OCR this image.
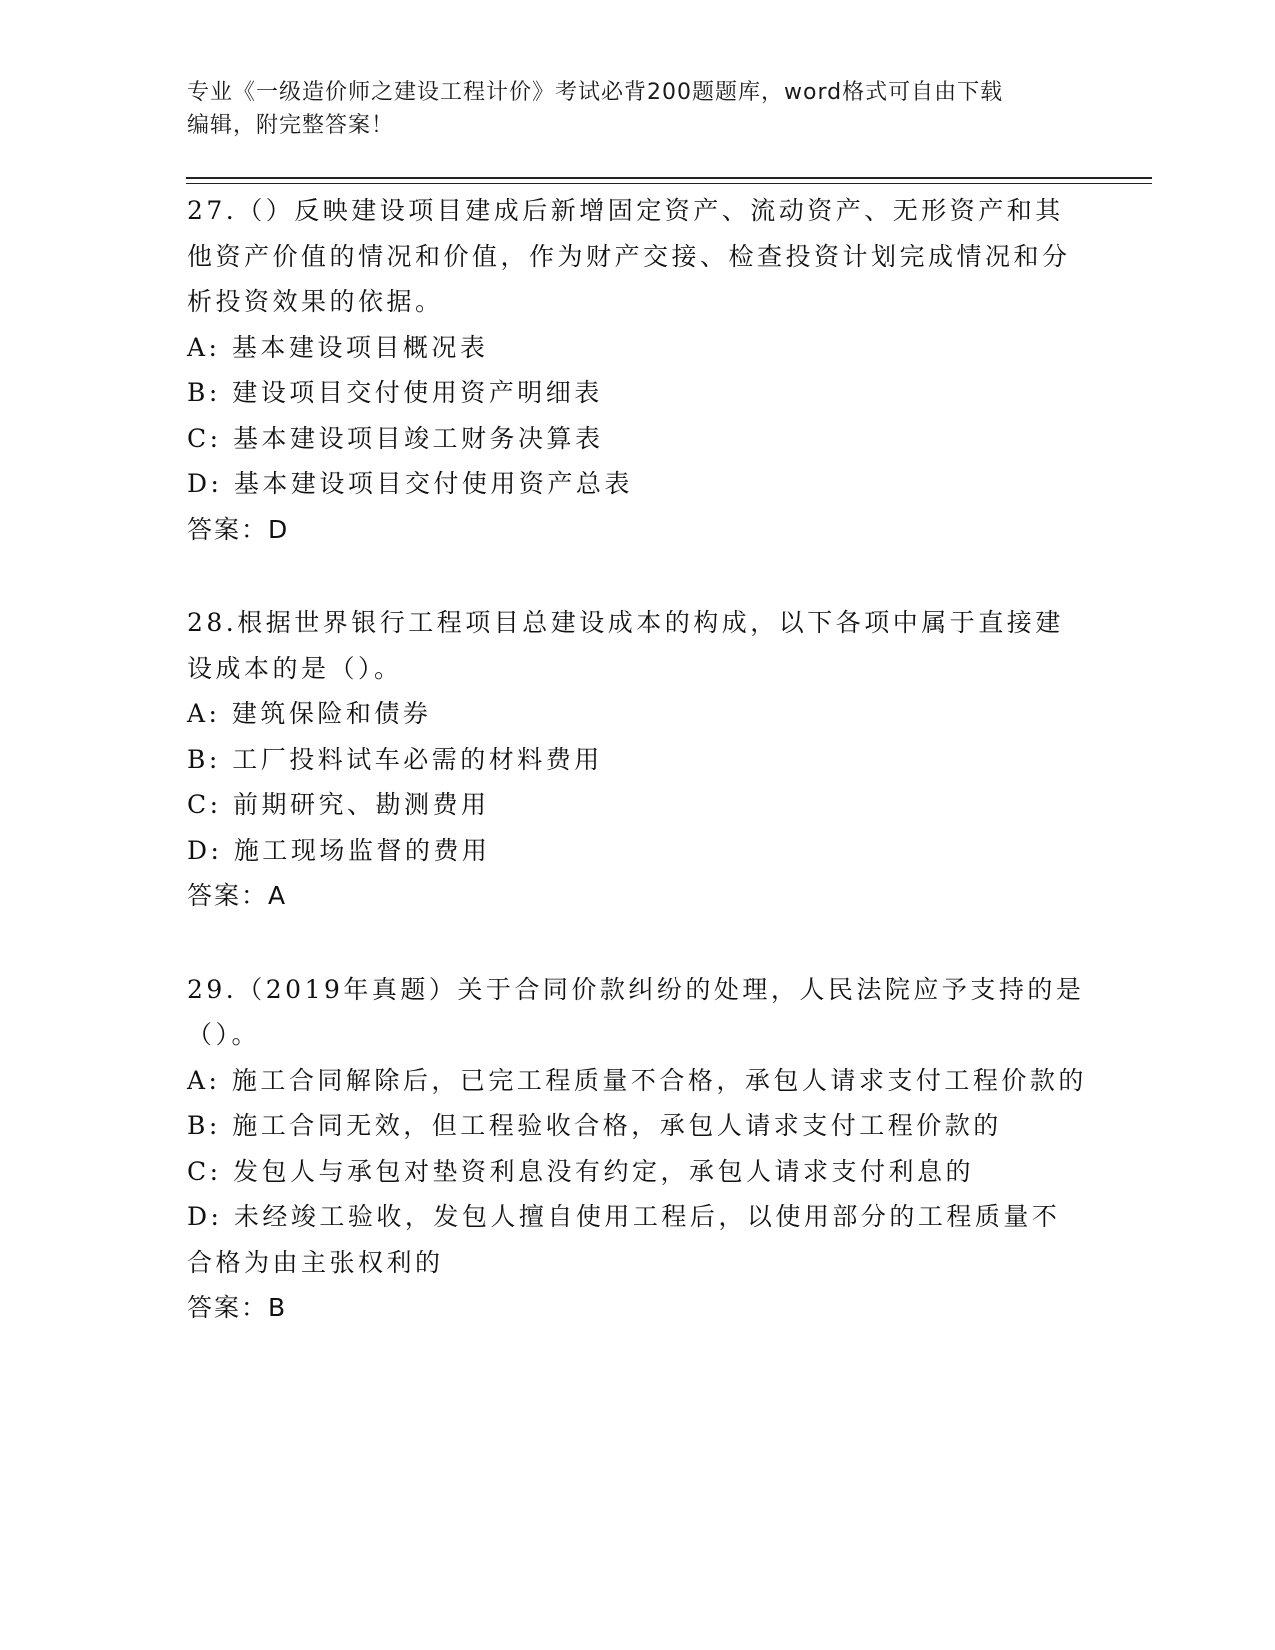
专业《一级造价师之建设工程计价》考试必背200题题库，word格式可自由下载
编辑，附完整答案！

27.（）反映建设项目建成后新增固定资产、流动资产、无形资产和其他资产价值的情况和价值，作为财产交接、检查投资计划完成情况和分析投资效果的依据。

A: 基本建设项目概况表

B: 建设项目交付使用资产明细表

C: 基本建设项目竣工财务决算表

D: 基本建设项目交付使用资产总表

答案：D

28.根据世界银行工程项目总建设成本的构成，以下各项中属于直接建设成本的是（）。

A: 建筑保险和债券

B: 工厂投料试车必需的材料费用

C: 前期研究、勘测费用

D: 施工现场监督的费用

答案：A

29.（2019年真题）关于合同价款纠纷的处理，人民法院应予支持的是（）。

A: 施工合同解除后，已完工程质量不合格，承包人请求支付工程价款的

B: 施工合同无效，但工程验收合格，承包人请求支付工程价款的

C: 发包人与承包对垫资利息没有约定，承包人请求支付利息的

D: 未经竣工验收，发包人擅自使用工程后，以使用部分的工程质量不合格为由主张权利的

答案：B
